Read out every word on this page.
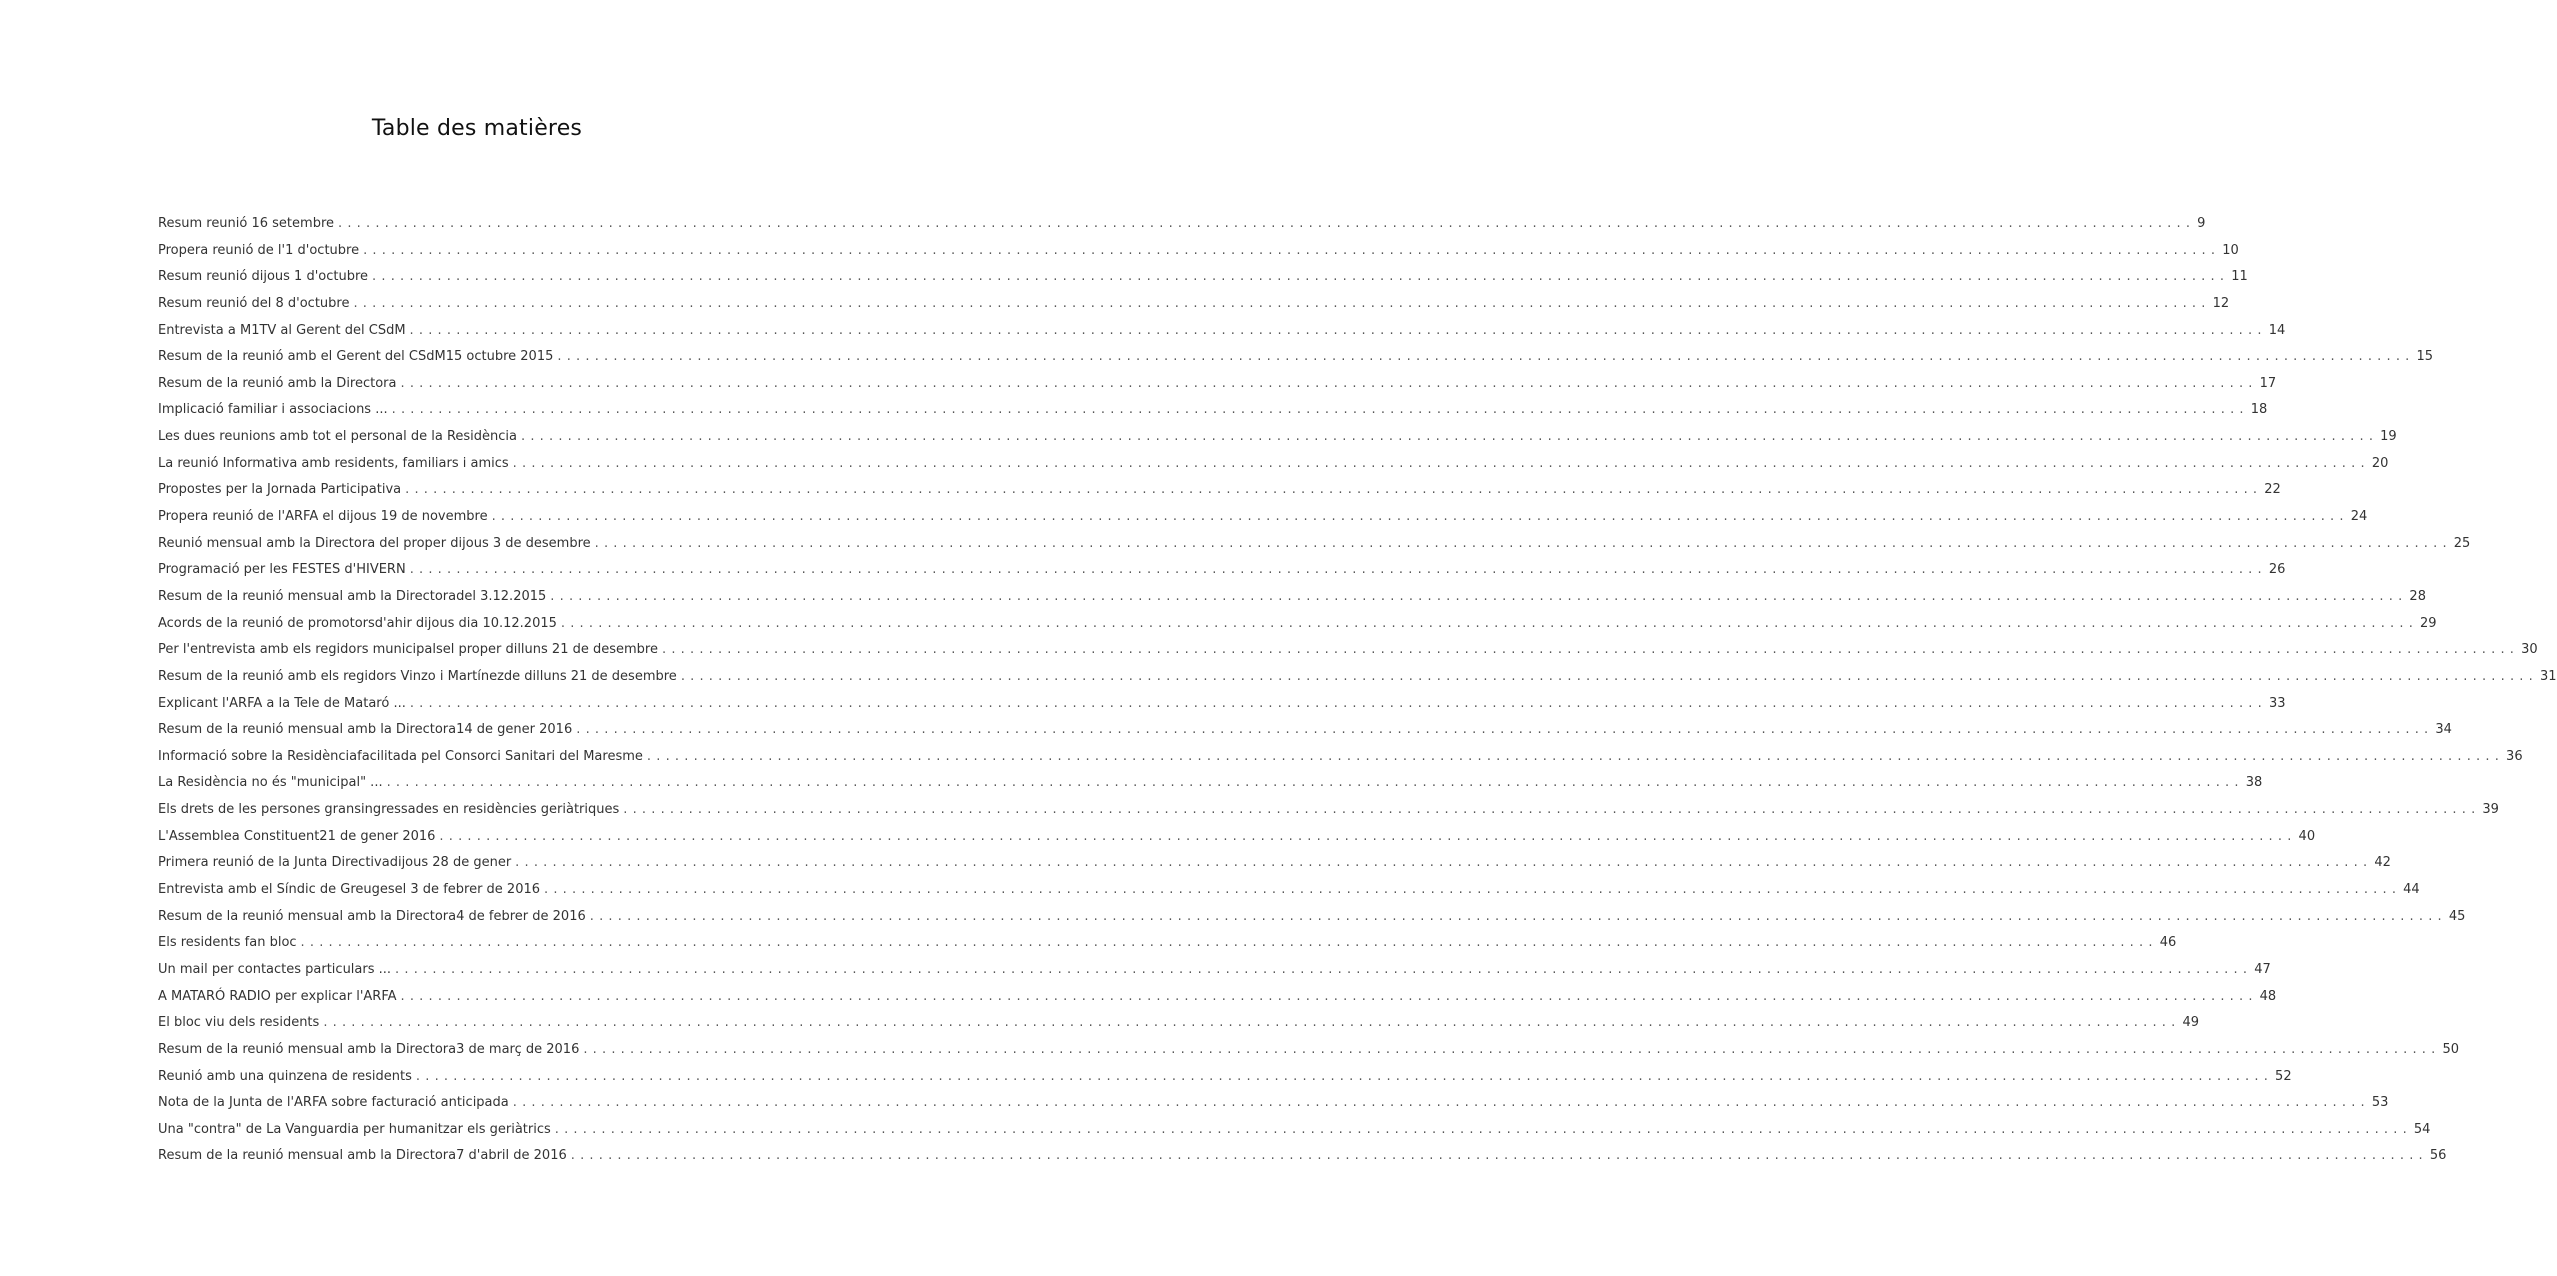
Table des matières
Resum reunió 16 setembre ....................................................................................................................................................................................................... 9
Propera reunió de l'1 d'octubre ....................................................................................................................................................................................................... 10
Resum reunió dijous 1 d'octubre ....................................................................................................................................................................................................... 11
Resum reunió del 8 d'octubre ....................................................................................................................................................................................................... 12
Entrevista a M1TV al Gerent del CSdM ....................................................................................................................................................................................................... 14
Resum de la reunió amb el Gerent del CSdM15 octubre 2015 ....................................................................................................................................................................................................... 15
Resum de la reunió amb la Directora ....................................................................................................................................................................................................... 17
Implicació familiar i associacions ... ....................................................................................................................................................................................................... 18
Les dues reunions amb tot el personal de la Residència ....................................................................................................................................................................................................... 19
La reunió Informativa amb residents, familiars i amics ....................................................................................................................................................................................................... 20
Propostes per la Jornada Participativa ....................................................................................................................................................................................................... 22
Propera reunió de l'ARFA el dijous 19 de novembre ....................................................................................................................................................................................................... 24
Reunió mensual amb la Directora del proper dijous 3 de desembre ....................................................................................................................................................................................................... 25
Programació per les FESTES d'HIVERN ....................................................................................................................................................................................................... 26
Resum de la reunió mensual amb la Directoradel 3.12.2015 ....................................................................................................................................................................................................... 28
Acords de la reunió de promotorsd'ahir dijous dia 10.12.2015 ....................................................................................................................................................................................................... 29
Per l'entrevista amb els regidors municipalsel proper dilluns 21 de desembre ....................................................................................................................................................................................................... 30
Resum de la reunió amb els regidors Vinzo i Martínezde dilluns 21 de desembre ....................................................................................................................................................................................................... 31
Explicant l'ARFA a la Tele de Mataró ... ....................................................................................................................................................................................................... 33
Resum de la reunió mensual amb la Directora14 de gener 2016 ....................................................................................................................................................................................................... 34
Informació sobre la Residènciafacilitada pel Consorci Sanitari del Maresme ....................................................................................................................................................................................................... 36
La Residència no és "municipal" ... ....................................................................................................................................................................................................... 38
Els drets de les persones gransingressades en residències geriàtriques ....................................................................................................................................................................................................... 39
L'Assemblea Constituent21 de gener 2016 ....................................................................................................................................................................................................... 40
Primera reunió de la Junta Directivadijous 28 de gener ....................................................................................................................................................................................................... 42
Entrevista amb el Síndic de Greugesel 3 de febrer de 2016 ....................................................................................................................................................................................................... 44
Resum de la reunió mensual amb la Directora4 de febrer de 2016 ....................................................................................................................................................................................................... 45
Els residents fan bloc ....................................................................................................................................................................................................... 46
Un mail per contactes particulars ... ....................................................................................................................................................................................................... 47
A MATARÓ RADIO per explicar l'ARFA ....................................................................................................................................................................................................... 48
El bloc viu dels residents ....................................................................................................................................................................................................... 49
Resum de la reunió mensual amb la Directora3 de març de 2016 ....................................................................................................................................................................................................... 50
Reunió amb una quinzena de residents ....................................................................................................................................................................................................... 52
Nota de la Junta de l'ARFA sobre facturació anticipada ....................................................................................................................................................................................................... 53
Una "contra" de La Vanguardia per humanitzar els geriàtrics ....................................................................................................................................................................................................... 54
Resum de la reunió mensual amb la Directora7 d'abril de 2016 ....................................................................................................................................................................................................... 56
